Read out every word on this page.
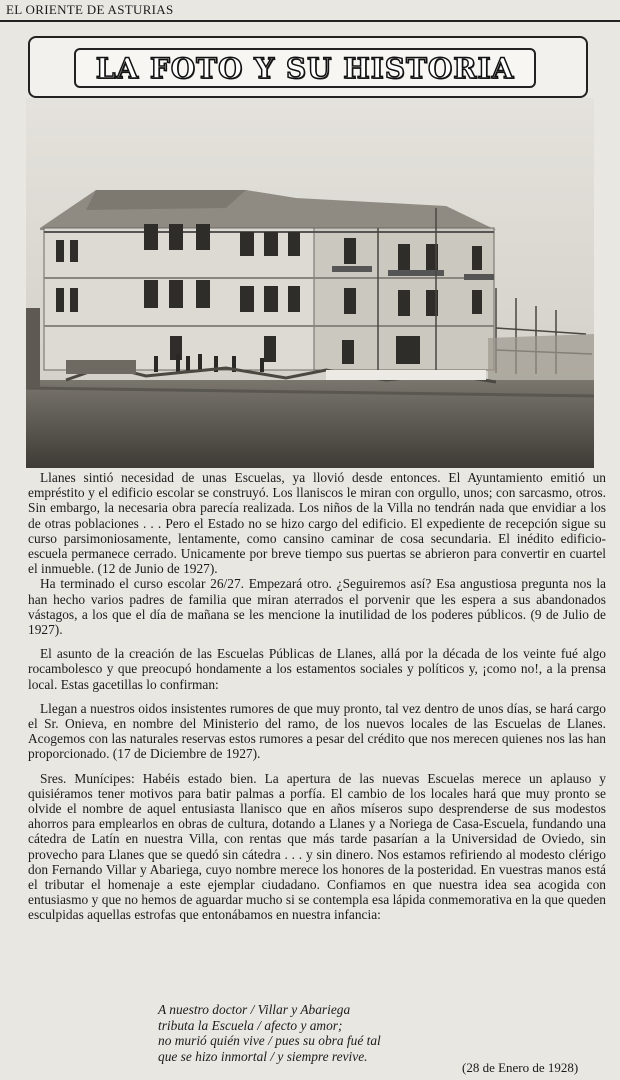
EL ORIENTE DE ASTURIAS
LA FOTO Y SU HISTORIA

Llanes sintió necesidad de unas Escuelas, ya llovió desde entonces. El Ayuntamiento emitió un empréstito y el edificio escolar se construyó. Los llaniscos le miran con orgullo, unos; con sarcasmo, otros. Sin embargo, la necesaria obra parecía realizada. Los niños de la Villa no tendrán nada que envidiar a los de otras poblaciones . . . Pero el Estado no se hizo cargo del edificio. El expediente de recepción sigue su curso parsimoniosamente, lentamente, como cansino caminar de cosa secundaria. El inédito edificio-escuela permanece cerrado. Unicamente por breve tiempo sus puertas se abrieron para convertir en cuartel el inmueble. (12 de Junio de 1927).

Ha terminado el curso escolar 26/27. Empezará otro. ¿Seguiremos así? Esa angustiosa pregunta nos la han hecho varios padres de familia que miran aterrados el porvenir que les espera a sus abandonados vástagos, a los que el día de mañana se les mencione la inutilidad de los poderes públicos. (9 de Julio de 1927).

El asunto de la creación de las Escuelas Públicas de Llanes, allá por la década de los veinte fué algo rocambolesco y que preocupó hondamente a los estamentos sociales y políticos y, ¡como no!, a la prensa local. Estas gacetillas lo confirman:

Llegan a nuestros oidos insistentes rumores de que muy pronto, tal vez dentro de unos días, se hará cargo el Sr. Onieva, en nombre del Ministerio del ramo, de los nuevos locales de las Escuelas de Llanes. Acogemos con las naturales reservas estos rumores a pesar del crédito que nos merecen quienes nos las han proporcionado. (17 de Diciembre de 1927).

Sres. Munícipes: Habéis estado bien. La apertura de las nuevas Escuelas merece un aplauso y quisiéramos tener motivos para batir palmas a porfía. El cambio de los locales hará que muy pronto se olvide el nombre de aquel entusiasta llanisco que en años míseros supo desprenderse de sus modestos ahorros para emplearlos en obras de cultura, dotando a Llanes y a Noriega de Casa-Escuela, fundando una cátedra de Latín en nuestra Villa, con rentas que más tarde pasarían a la Universidad de Oviedo, sin provecho para Llanes que se quedó sin cátedra . . . y sin dinero. Nos estamos refiriendo al modesto clérigo don Fernando Villar y Abariega, cuyo nombre merece los honores de la posteridad. En vuestras manos está el tributar el homenaje a este ejemplar ciudadano. Confiamos en que nuestra idea sea acogida con entusiasmo y que no hemos de aguardar mucho si se contempla esa lápida conmemorativa en la que queden esculpidas aquellas estrofas que entonábamos en nuestra infancia:

A nuestro doctor / Villar y Abariega
tributa la Escuela / afecto y amor;
no murió quién vive / pues su obra fué tal
que se hizo inmortal / y siempre revive.
(28 de Enero de 1928)
